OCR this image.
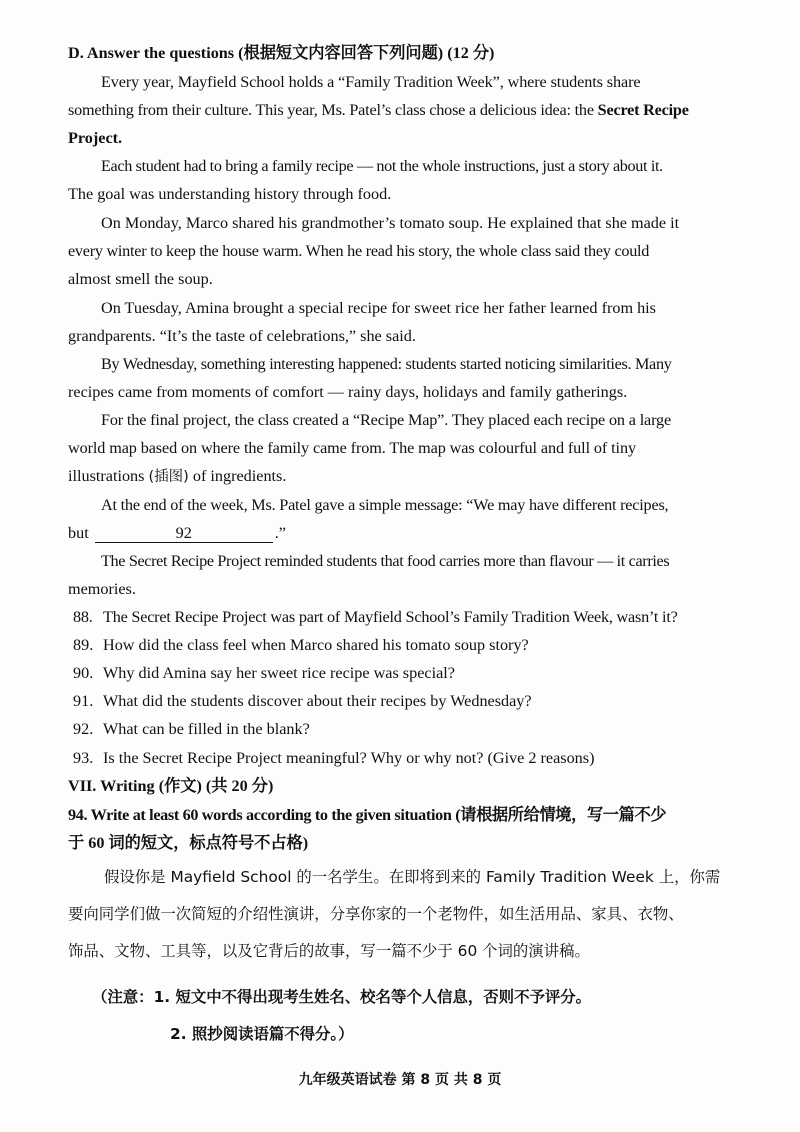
D. Answer the questions (根据短文内容回答下列问题) (12 分)
Every year, Mayfield School holds a “Family Tradition Week”, where students share
something from their culture. This year, Ms. Patel’s class chose a delicious idea: the Secret Recipe
Project.
Each student had to bring a family recipe — not the whole instructions, just a story about it.
The goal was understanding history through food.
On Monday, Marco shared his grandmother’s tomato soup. He explained that she made it
every winter to keep the house warm. When he read his story, the whole class said they could
almost smell the soup.
On Tuesday, Amina brought a special recipe for sweet rice her father learned from his
grandparents. “It’s the taste of celebrations,” she said.
By Wednesday, something interesting happened: students started noticing similarities. Many
recipes came from moments of comfort — rainy days, holidays and family gatherings.
For the final project, the class created a “Recipe Map”. They placed each recipe on a large
world map based on where the family came from. The map was colourful and full of tiny
illustrations (插图) of ingredients.
At the end of the week, Ms. Patel gave a simple message: “We may have different recipes,
but	92	.”
The Secret Recipe Project reminded students that food carries more than flavour — it carries
memories.
88. The Secret Recipe Project was part of Mayfield School’s Family Tradition Week, wasn’t it?
89. How did the class feel when Marco shared his tomato soup story?
90. Why did Amina say her sweet rice recipe was special?
91. What did the students discover about their recipes by Wednesday?
92. What can be filled in the blank?
93. Is the Secret Recipe Project meaningful? Why or why not? (Give 2 reasons)
VII. Writing (作文) (共 20 分)
94. Write at least 60 words according to the given situation (请根据所给情境，写一篇不少
于 60 词的短文，标点符号不占格)
假设你是 Mayfield School 的一名学生。在即将到来的 Family Tradition Week 上，你需
要向同学们做一次简短的介绍性演讲，分享你家的一个老物件，如生活用品、家具、衣物、
饰品、文物、工具等，以及它背后的故事，写一篇不少于 60 个词的演讲稿。
（注意：1. 短文中不得出现考生姓名、校名等个人信息，否则不予评分。
2. 照抄阅读语篇不得分。）
九年级英语试卷 第 8 页 共 8 页
